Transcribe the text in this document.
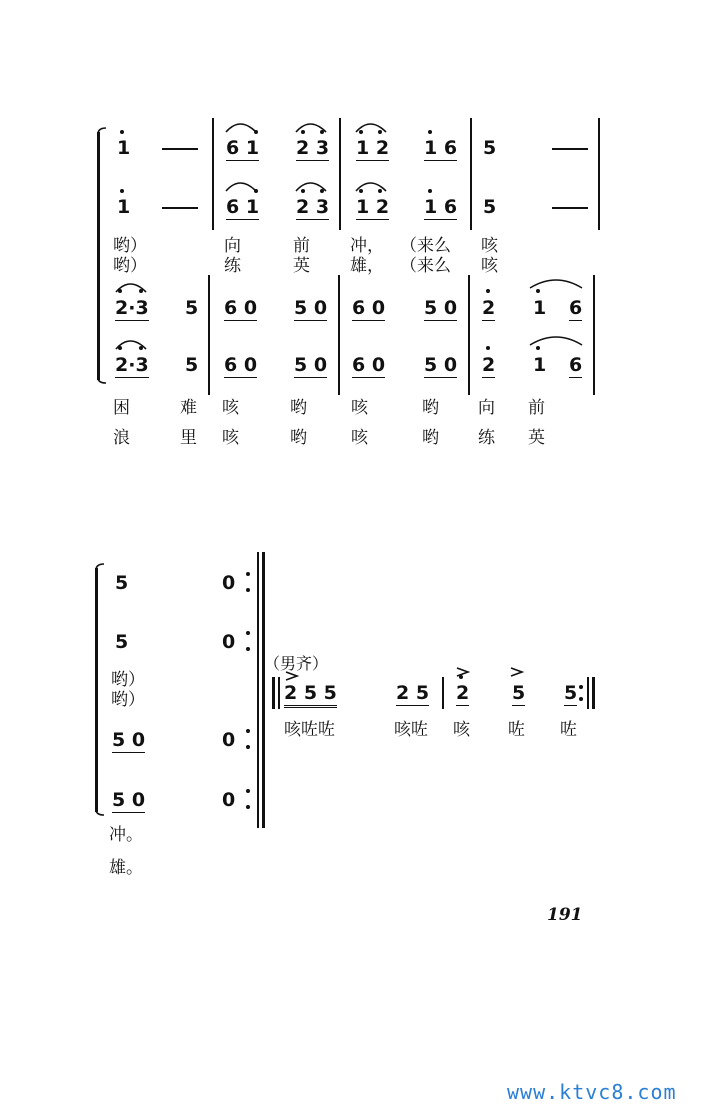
1	6 1 2 3 1 2 1 6 5
1	6 1 2 3 1 2 1 6 5
哟）	向	前 冲， （来么 咳
哟）	练	英 雄， （来么 咳
2·3 5 6 0 5 0 6 0 5 0 2 1 6
2·3 5 6 0 5 0 6 0 5 0 2 1 6
困	难 咳	哟	咳	哟 向 前
浪	里 咳	哟	咳	哟 练 英
5	0
5	0
哟）
哟）
5 0	0
5 0	0
冲。
雄。
（男齐）
2 5 5	2 5 2 5 5
咳咗咗	咳咗 咳 咗 咗
191
www.ktvc8.com
